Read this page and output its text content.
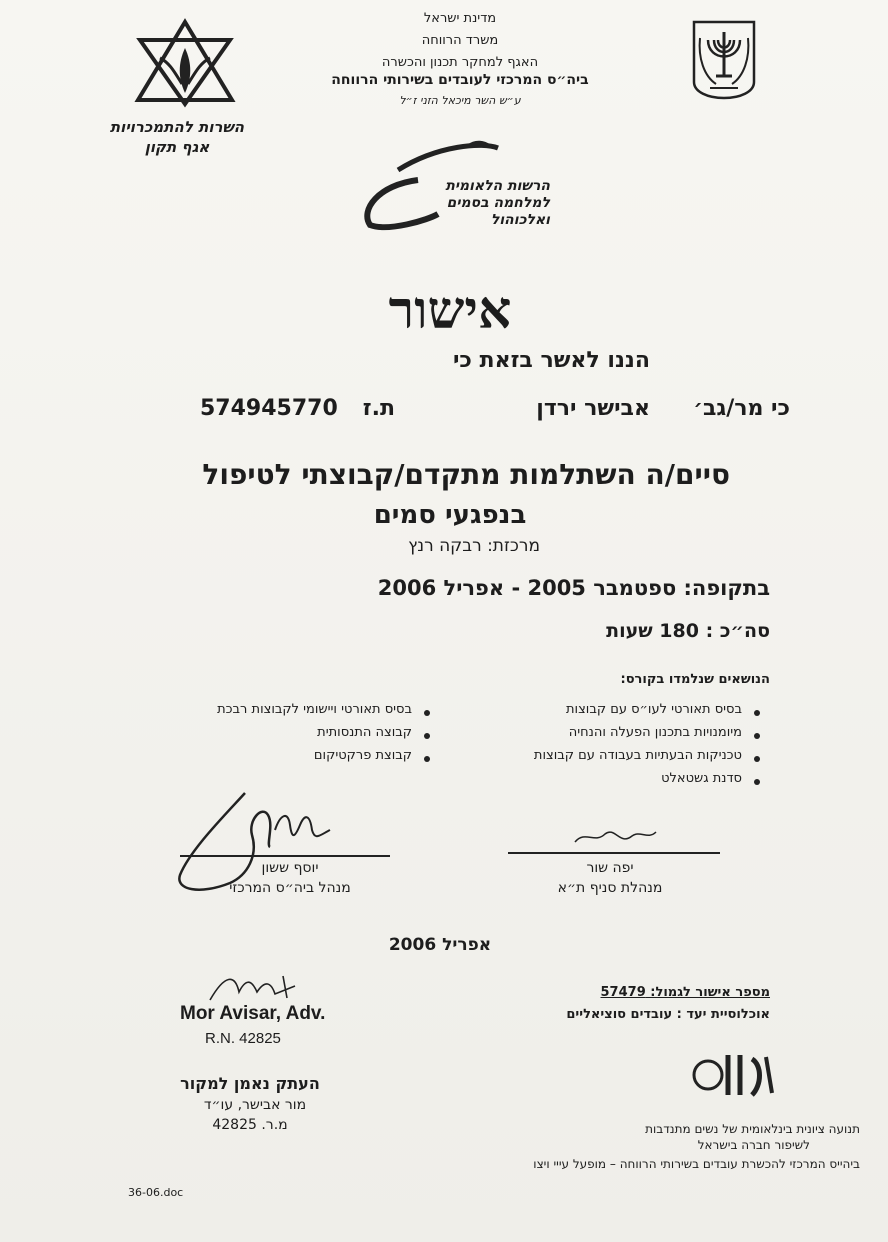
השרות להתמכרויות
אגף תקון
מדינת ישראל
משרד הרווחה
האגף למחקר תכנון והכשרה
ביה״ס המרכזי לעובדים בשירותי הרווחה
ע״ש השר מיכאל הזני ז״ל
הרשות הלאומית
למלחמה בסמים
ואלכוהול
אישור
הננו לאשר בזאת כי
כי מר/גב׳
אבישר ירדן
ת.ז
574945770
סיים/ה השתלמות מתקדם/קבוצתי לטיפול
בנפגעי סמים
מרכזת: רבקה רנץ
בתקופה: ספטמבר 2005 - אפריל 2006
סה״כ : 180 שעות
הנושאים שנלמדו בקורס:
בסיס תאורטי לעו״ס עם קבוצות
מיומנויות בתכנון הפעלה והנחיה
טכניקות הבעתיות בעבודה עם קבוצות
סדנת גשטאלט
בסיס תאורטי ויישומי לקבוצות רבכת
קבוצה התנסותית
קבוצת פרקטיקום
יוסף ששון
מנהל ביה״ס המרכזי
יפה שור
מנהלת סניף ת״א
אפריל 2006
Mor Avisar, Adv.
R.N. 42825
העתק נאמן למקור
מור אבישר, עו״ד
מ.ר. 42825
מספר אישור לגמול: 57479
אוכלוסיית יעד : עובדים סוציאליים
תנועה ציונית בינלאומית של נשים מתנדבות
לשיפור חברה בישראל
ביהייס המרכזי להכשרת עובדים בשירותי הרווחה – מופעל עייי ויצו
36-06.doc
